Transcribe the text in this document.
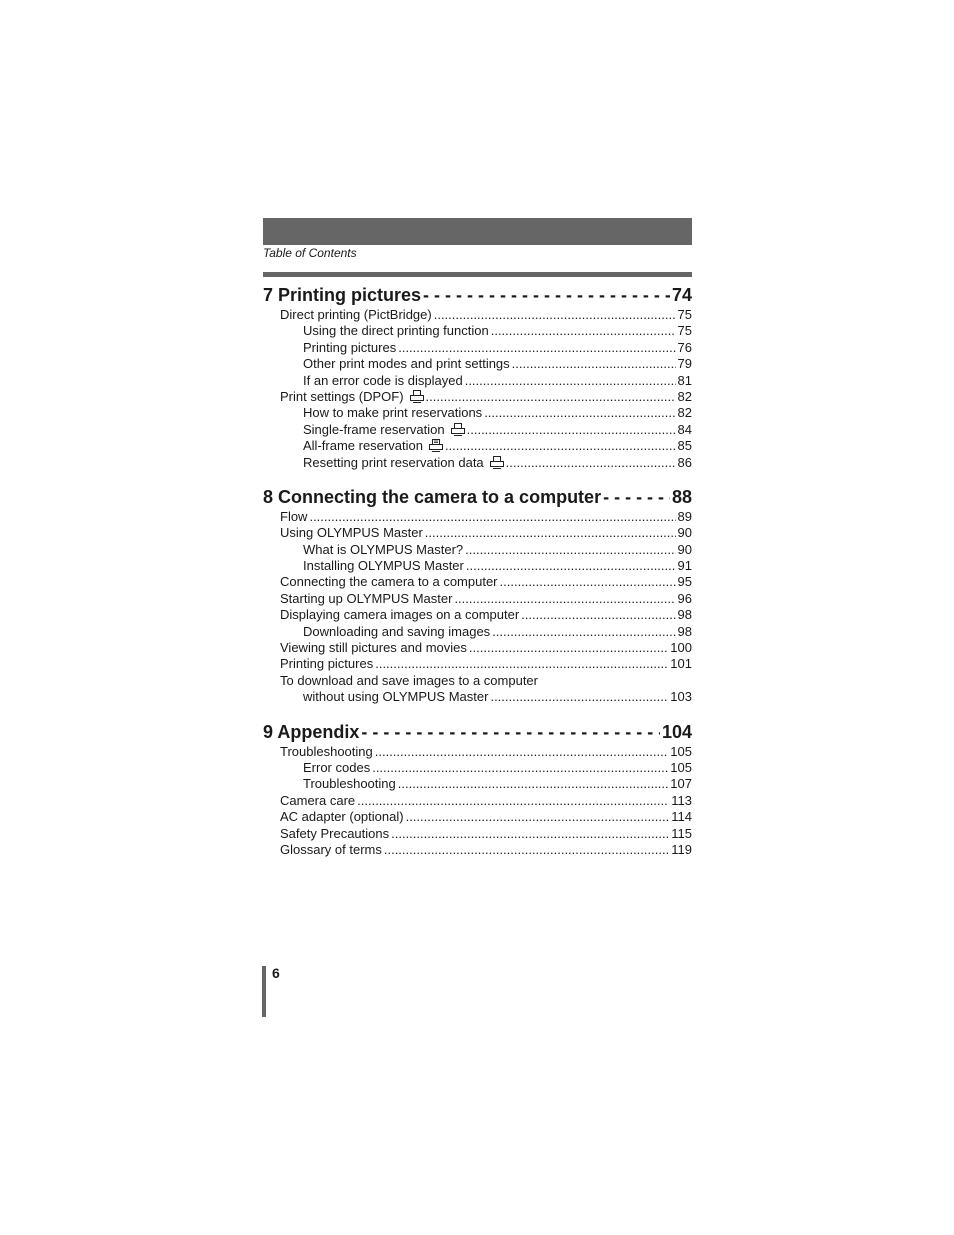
Table of Contents
7 Printing pictures - - -	74
Direct printing (PictBridge) .....	75
Using the direct printing function .....	75
Printing pictures .....	76
Other print modes and print settings .....	79
If an error code is displayed .....	81
Print settings (DPOF) .....	82
How to make print reservations .....	82
Single-frame reservation .....	84
All-frame reservation .....	85
Resetting print reservation data .....	86
8 Connecting the camera to a computer - - -	88
Flow .....	89
Using OLYMPUS Master .....	90
What is OLYMPUS Master? .....	90
Installing OLYMPUS Master .....	91
Connecting the camera to a computer .....	95
Starting up OLYMPUS Master .....	96
Displaying camera images on a computer .....	98
Downloading and saving images .....	98
Viewing still pictures and movies .....	100
Printing pictures .....	101
To download and save images to a computer
without using OLYMPUS Master .....	103
9 Appendix - - -	104
Troubleshooting .....	105
Error codes .....	105
Troubleshooting .....	107
Camera care .....	113
AC adapter (optional) .....	114
Safety Precautions .....	115
Glossary of terms .....	119
6
